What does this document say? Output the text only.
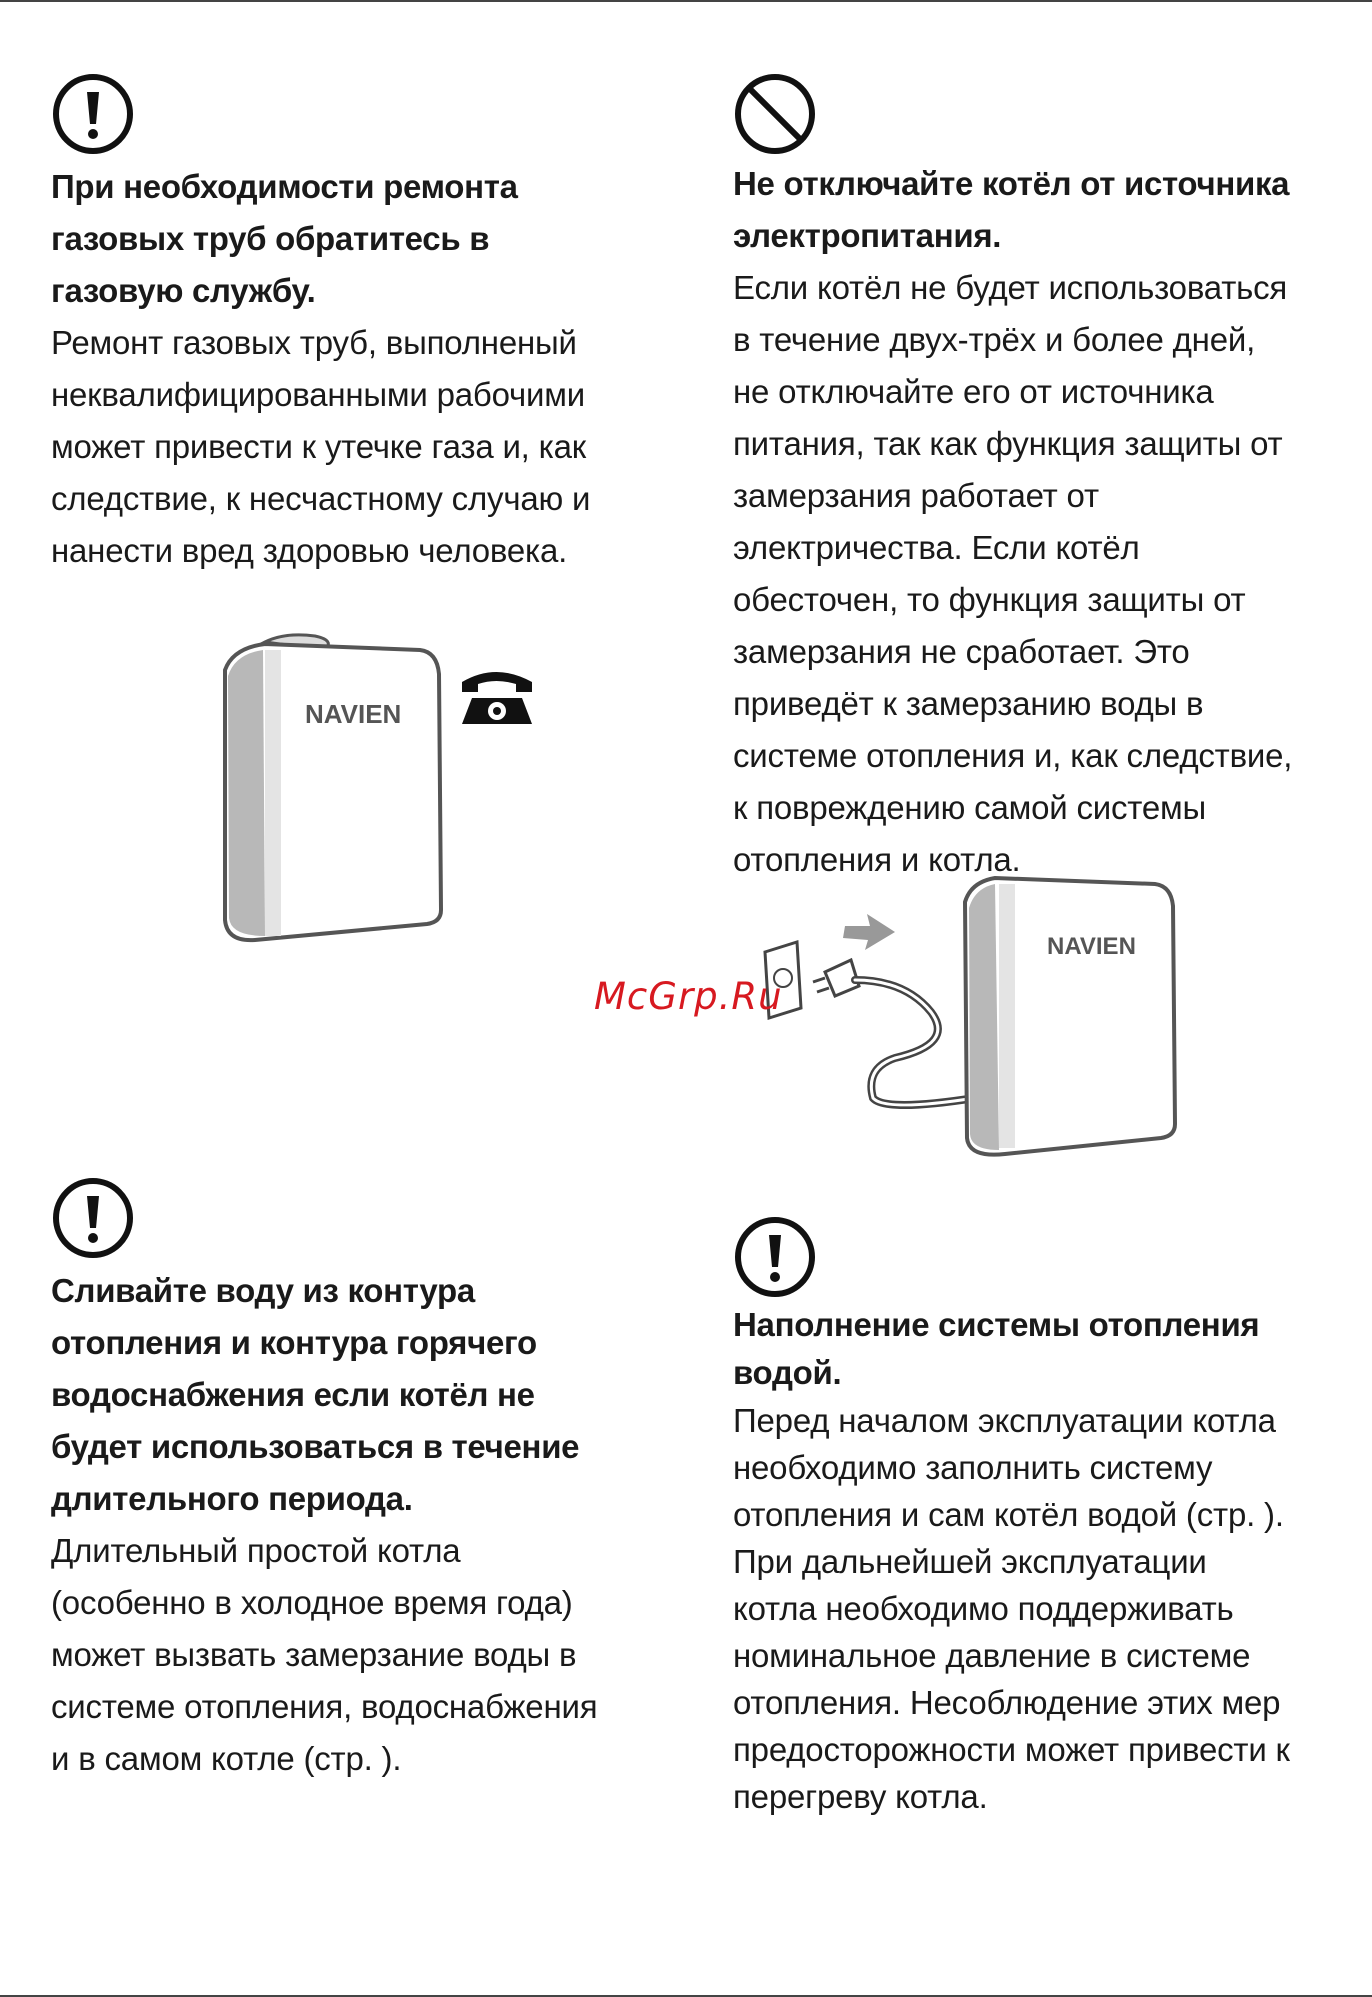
При необходимости ремонта газовых труб обратитесь в газовую службу.

Ремонт газовых труб, выполненый неквалифицированными рабочими может привести к утечке газа и, как следствие, к несчастному случаю и нанести вред здоровью человека.

Не отключайте котёл от источника электропитания.

Если котёл не будет использоваться в течение двух-трёх и более дней, не отключайте его от источника питания, так как функция защиты от замерзания работает от электричества. Если котёл обесточен, то функция защиты от замерзания не сработает. Это приведёт к замерзанию воды в системе отопления и, как следствие, к повреждению самой системы отопления и котла.

NAVIEN
NAVIEN
McGrp.Ru

Сливайте воду из контура отопления и контура горячего водоснабжения если котёл не будет использоваться в течение длительного периода.

Длительный простой котла (особенно в холодное время года) может вызвать замерзание воды в системе отопления, водоснабжения и в самом котле (стр. ).

Наполнение системы отопления водой.

Перед началом эксплуатации котла необходимо заполнить систему отопления и сам котёл водой (стр. ). При дальнейшей эксплуатации котла необходимо поддерживать номинальное давление в системе отопления. Несоблюдение этих мер предосторожности может привести к перегреву котла.
